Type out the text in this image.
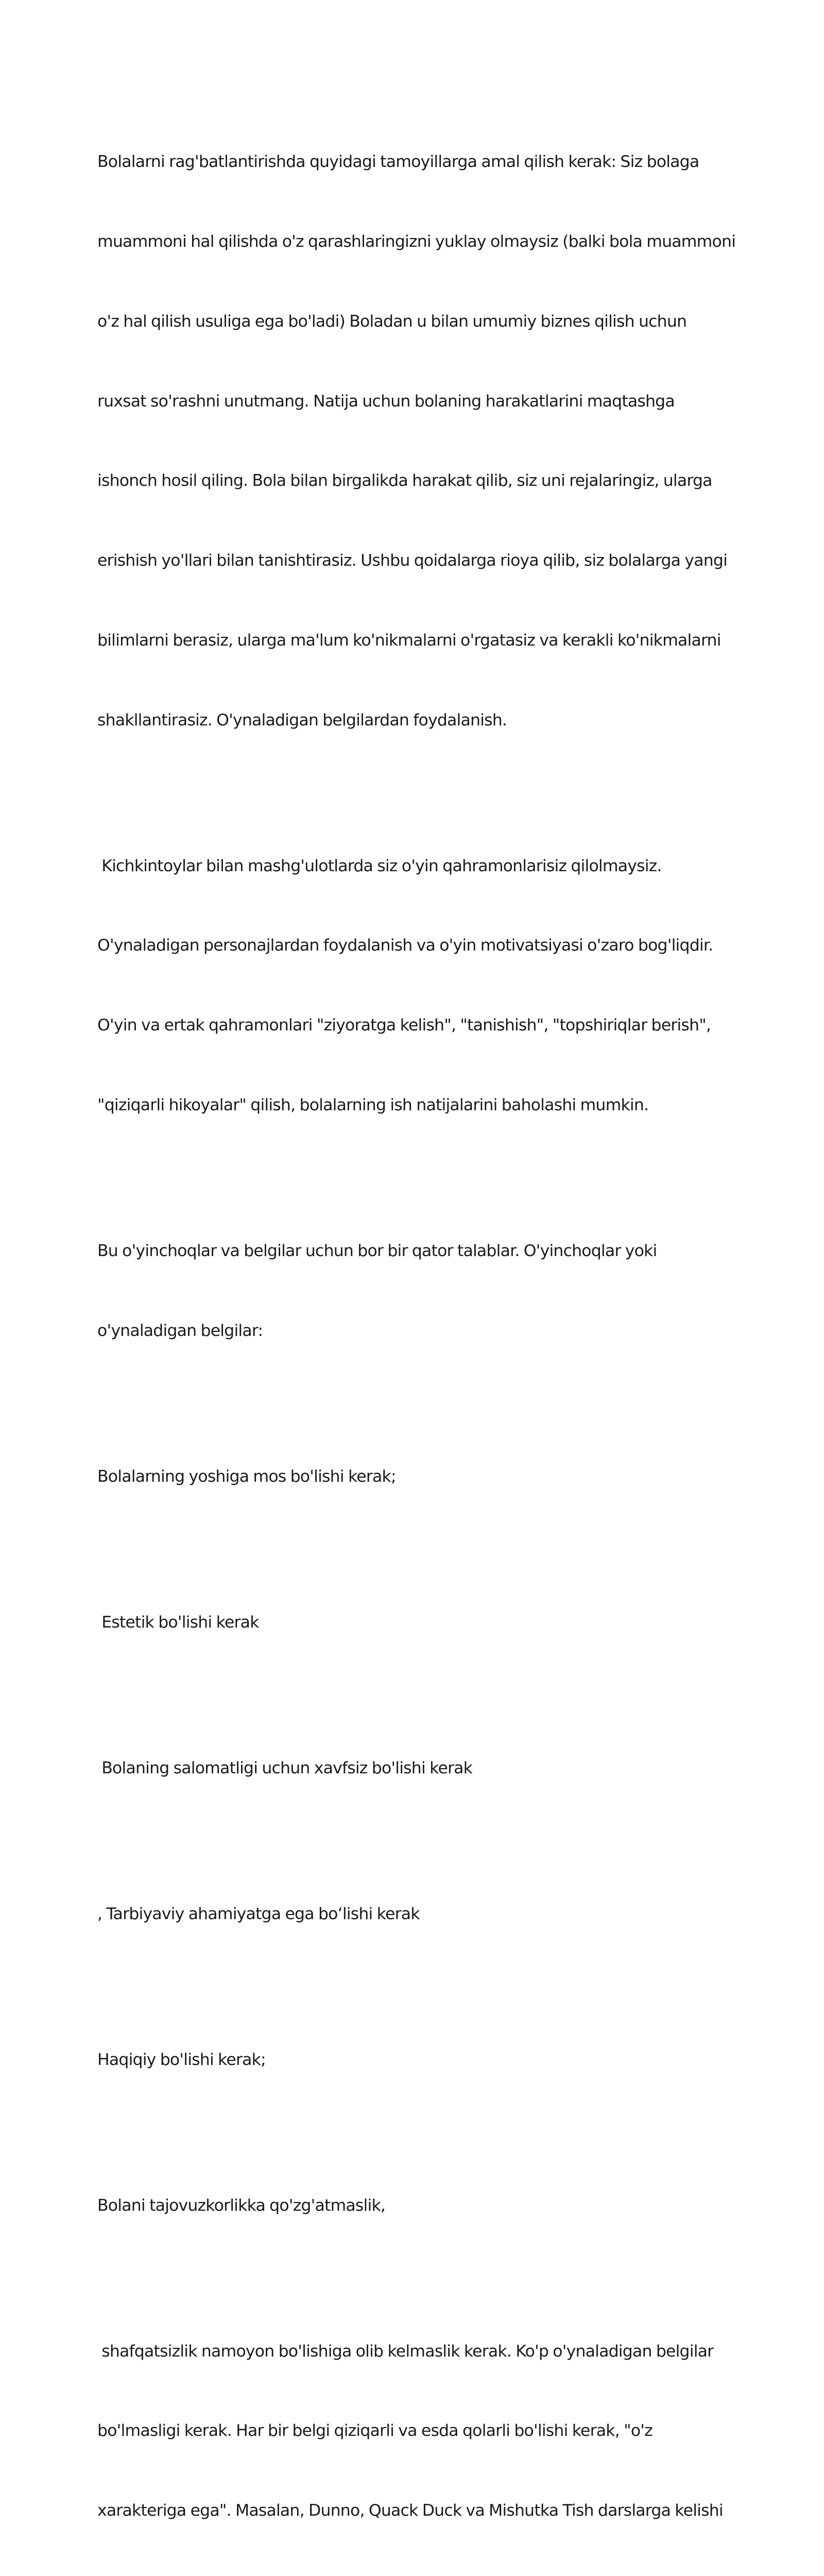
Bolalarni rag'batlantirishda quyidagi tamoyillarga amal qilish kerak: Siz bolaga

muammoni hal qilishda o'z qarashlaringizni yuklay olmaysiz (balki bola muammoni

o'z hal qilish usuliga ega bo'ladi) Boladan u bilan umumiy biznes qilish uchun

ruxsat so'rashni unutmang. Natija uchun bolaning harakatlarini maqtashga

ishonch hosil qiling. Bola bilan birgalikda harakat qilib, siz uni rejalaringiz, ularga

erishish yo'llari bilan tanishtirasiz. Ushbu qoidalarga rioya qilib, siz bolalarga yangi

bilimlarni berasiz, ularga ma'lum ko'nikmalarni o'rgatasiz va kerakli ko'nikmalarni

shakllantirasiz. O'ynaladigan belgilardan foydalanish.

Kichkintoylar bilan mashg'ulotlarda siz o'yin qahramonlarisiz qilolmaysiz.

O'ynaladigan personajlardan foydalanish va o'yin motivatsiyasi o'zaro bog'liqdir.

O'yin va ertak qahramonlari "ziyoratga kelish", "tanishish", "topshiriqlar berish",

"qiziqarli hikoyalar" qilish, bolalarning ish natijalarini baholashi mumkin.

Bu o'yinchoqlar va belgilar uchun bor bir qator talablar. O'yinchoqlar yoki

o'ynaladigan belgilar:

Bolalarning yoshiga mos bo'lishi kerak;

Estetik bo'lishi kerak

Bolaning salomatligi uchun xavfsiz bo'lishi kerak

, Tarbiyaviy ahamiyatga ega bo‘lishi kerak

Haqiqiy bo'lishi kerak;

Bolani tajovuzkorlikka qo'zg'atmaslik,

shafqatsizlik namoyon bo'lishiga olib kelmaslik kerak. Ko'p o'ynaladigan belgilar

bo'lmasligi kerak. Har bir belgi qiziqarli va esda qolarli bo'lishi kerak, "o'z

xarakteriga ega". Masalan, Dunno, Quack Duck va Mishutka Tish darslarga kelishi
